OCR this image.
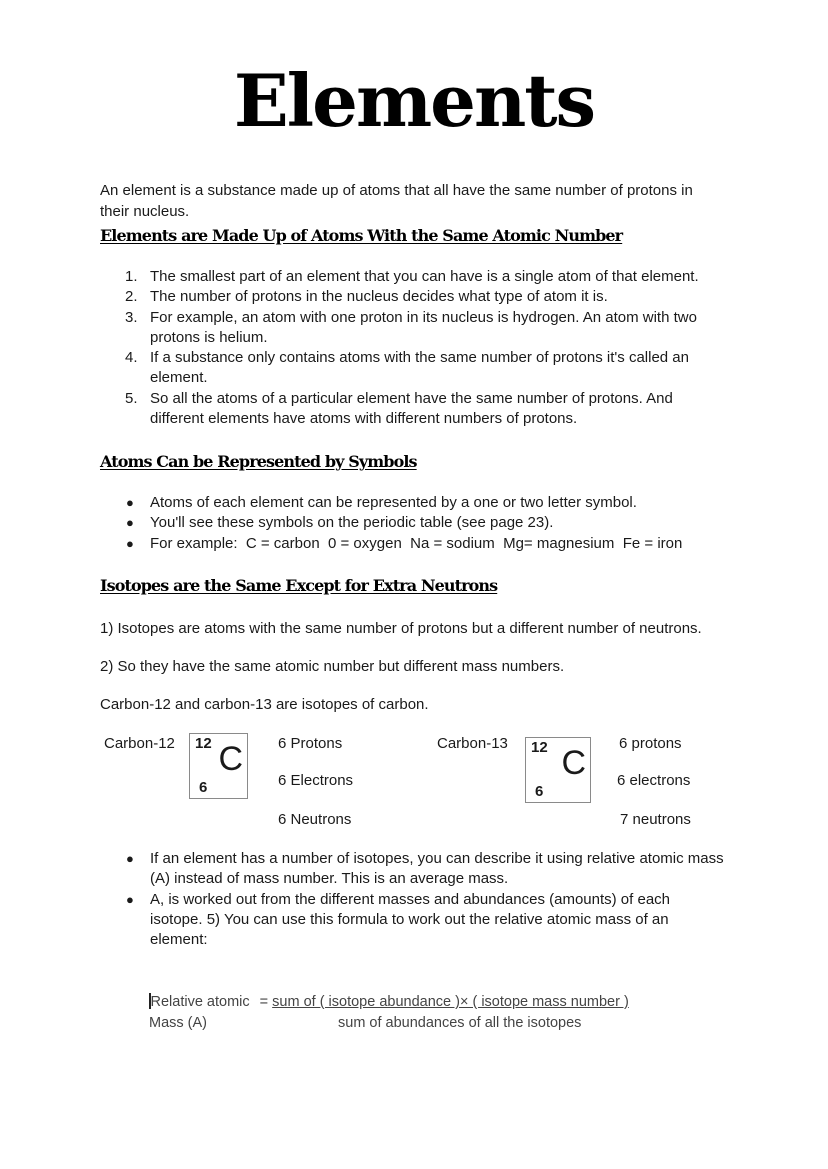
Elements
An element is a substance made up of atoms that all have the same number of protons in their nucleus.
Elements are Made Up of Atoms With the Same Atomic Number
1. The smallest part of an element that you can have is a single atom of that element.
2. The number of protons in the nucleus decides what type of atom it is.
3. For example, an atom with one proton in its nucleus is hydrogen. An atom with two protons is helium.
4. If a substance only contains atoms with the same number of protons it's called an element.
5. So all the atoms of a particular element have the same number of protons. And different elements have atoms with different numbers of protons.
Atoms Can be Represented by Symbols
● Atoms of each element can be represented by a one or two letter symbol.
● You'll see these symbols on the periodic table (see page 23).
● For example:  C = carbon  0 = oxygen  Na = sodium  Mg= magnesium  Fe = iron
Isotopes are the Same Except for Extra Neutrons
1) Isotopes are atoms with the same number of protons but a different number of neutrons.
2) So they have the same atomic number but different mass numbers.
Carbon-12 and carbon-13 are isotopes of carbon.
Carbon-12 12
6
C 6 Protons
6 Electrons
6 Neutrons
Carbon-13 12
6
C
6 protons
6 electrons
7 neutrons
● If an element has a number of isotopes, you can describe it using relative atomic mass (A) instead of mass number. This is an average mass.
● A, is worked out from the different masses and abundances (amounts) of each isotope. 5) You can use this formula to work out the relative atomic mass of an element:
Relative atomic = sum of ( isotope abundance )× ( isotope mass number )
Mass (A)	sum of abundances of all the isotopes
